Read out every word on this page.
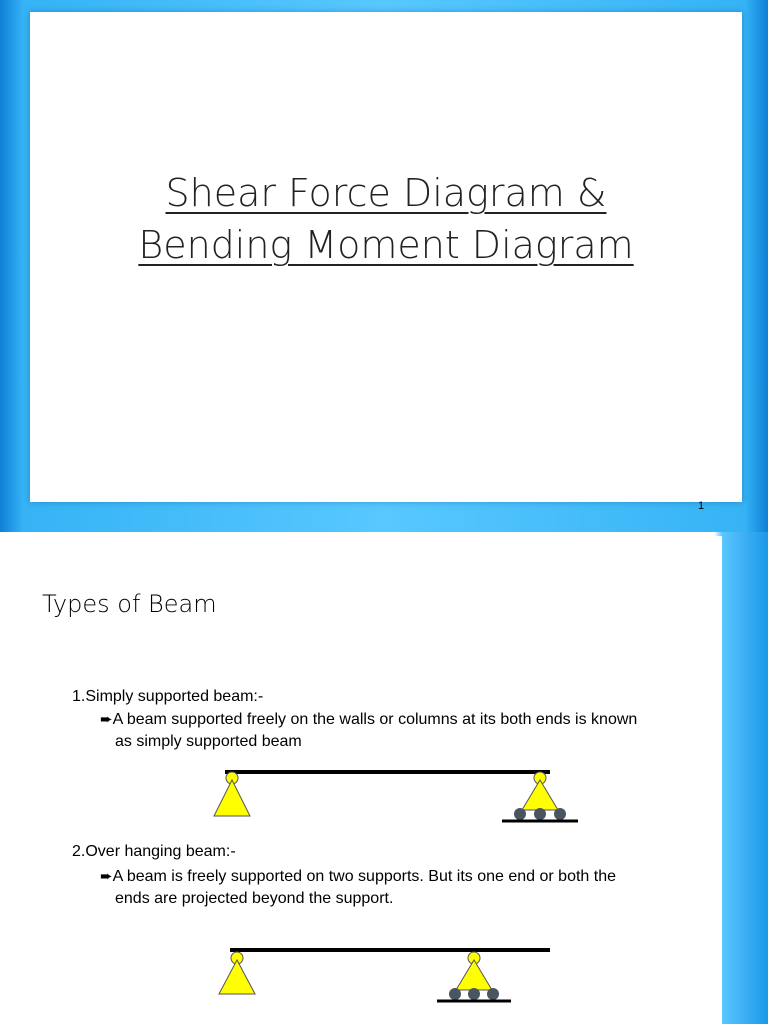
Shear Force Diagram &
Bending Moment Diagram
1
Types of Beam
1.Simply supported beam:-
➨A beam supported freely on the walls or columns at its both ends is known
as simply supported beam
2.Over hanging beam:-
➨A beam is freely supported on two supports. But its one end or both the
ends are projected beyond the support.
